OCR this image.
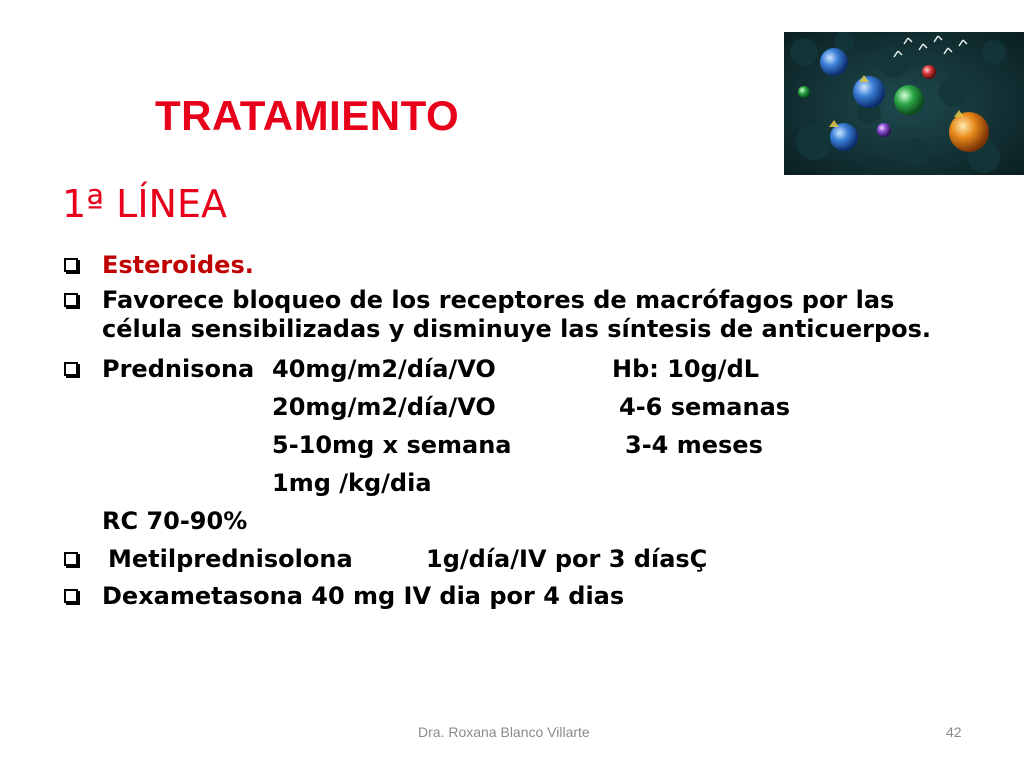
TRATAMIENTO
1ª LÍNEA
Esteroides.
Favorece bloqueo de los receptores de macrófagos por las
célula sensibilizadas y disminuye las síntesis de anticuerpos.
Prednisona 40mg/m2/día/VO	Hb: 10g/dL
20mg/m2/día/VO	4-6 semanas
5-10mg x semana	3-4 meses
1mg /kg/dia
RC 70-90%
Metilprednisolona	1g/día/IV por 3 díasÇ
Dexametasona 40 mg IV dia por 4 dias
Dra. Roxana Blanco Villarte	42
